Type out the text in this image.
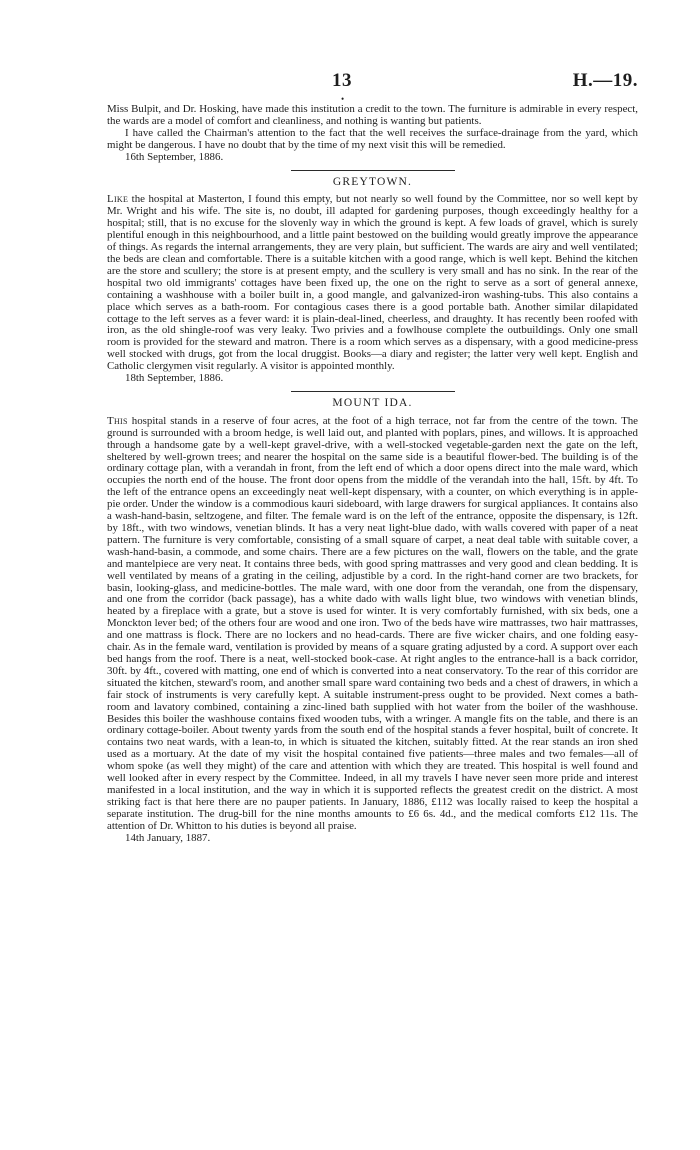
13	H.—19.
•

Miss Bulpit, and Dr. Hosking, have made this institution a credit to the town. The furniture is admirable in every respect, the wards are a model of comfort and cleanliness, and nothing is wanting but patients.

I have called the Chairman's attention to the fact that the well receives the surface-drainage from the yard, which might be dangerous. I have no doubt that by the time of my next visit this will be remedied.

16th September, 1886.

GREYTOWN.

Like the hospital at Masterton, I found this empty, but not nearly so well found by the Committee, nor so well kept by Mr. Wright and his wife. The site is, no doubt, ill adapted for gardening purposes, though exceedingly healthy for a hospital; still, that is no excuse for the slovenly way in which the ground is kept. A few loads of gravel, which is surely plentiful enough in this neighbourhood, and a little paint bestowed on the building would greatly improve the appearance of things. As regards the internal arrangements, they are very plain, but sufficient. The wards are airy and well ventilated; the beds are clean and comfortable. There is a suitable kitchen with a good range, which is well kept. Behind the kitchen are the store and scullery; the store is at present empty, and the scullery is very small and has no sink. In the rear of the hospital two old immigrants' cottages have been fixed up, the one on the right to serve as a sort of general annexe, containing a washhouse with a boiler built in, a good mangle, and galvanized-iron washing-tubs. This also contains a place which serves as a bath-room. For contagious cases there is a good portable bath. Another similar dilapidated cottage to the left serves as a fever ward: it is plain-deal-lined, cheerless, and draughty. It has recently been roofed with iron, as the old shingle-roof was very leaky. Two privies and a fowlhouse complete the outbuildings. Only one small room is provided for the steward and matron. There is a room which serves as a dispensary, with a good medicine-press well stocked with drugs, got from the local druggist. Books—a diary and register; the latter very well kept. English and Catholic clergymen visit regularly. A visitor is appointed monthly.

18th September, 1886.

MOUNT IDA.

This hospital stands in a reserve of four acres, at the foot of a high terrace, not far from the centre of the town. The ground is surrounded with a broom hedge, is well laid out, and planted with poplars, pines, and willows. It is approached through a handsome gate by a well-kept gravel-drive, with a well-stocked vegetable-garden next the gate on the left, sheltered by well-grown trees; and nearer the hospital on the same side is a beautiful flower-bed. The building is of the ordinary cottage plan, with a verandah in front, from the left end of which a door opens direct into the male ward, which occupies the north end of the house. The front door opens from the middle of the verandah into the hall, 15ft. by 4ft. To the left of the entrance opens an exceedingly neat well-kept dispensary, with a counter, on which everything is in apple-pie order. Under the window is a commodious kauri sideboard, with large drawers for surgical appliances. It contains also a wash-hand-basin, seltzogene, and filter. The female ward is on the left of the entrance, opposite the dispensary, is 12ft. by 18ft., with two windows, venetian blinds. It has a very neat light-blue dado, with walls covered with paper of a neat pattern. The furniture is very comfortable, consisting of a small square of carpet, a neat deal table with suitable cover, a wash-hand-basin, a commode, and some chairs. There are a few pictures on the wall, flowers on the table, and the grate and mantelpiece are very neat. It contains three beds, with good spring mattrasses and very good and clean bedding. It is well ventilated by means of a grating in the ceiling, adjustible by a cord. In the right-hand corner are two brackets, for basin, looking-glass, and medicine-bottles. The male ward, with one door from the verandah, one from the dispensary, and one from the corridor (back passage), has a white dado with walls light blue, two windows with venetian blinds, heated by a fireplace with a grate, but a stove is used for winter. It is very comfortably furnished, with six beds, one a Monckton lever bed; of the others four are wood and one iron. Two of the beds have wire mattrasses, two hair mattrasses, and one mattrass is flock. There are no lockers and no head-cards. There are five wicker chairs, and one folding easy-chair. As in the female ward, ventilation is provided by means of a square grating adjusted by a cord. A support over each bed hangs from the roof. There is a neat, well-stocked book-case. At right angles to the entrance-hall is a back corridor, 30ft. by 4ft., covered with matting, one end of which is converted into a neat conservatory. To the rear of this corridor are situated the kitchen, steward's room, and another small spare ward containing two beds and a chest of drawers, in which a fair stock of instruments is very carefully kept. A suitable instrument-press ought to be provided. Next comes a bath-room and lavatory combined, containing a zinc-lined bath supplied with hot water from the boiler of the washhouse. Besides this boiler the washhouse contains fixed wooden tubs, with a wringer. A mangle fits on the table, and there is an ordinary cottage-boiler. About twenty yards from the south end of the hospital stands a fever hospital, built of concrete. It contains two neat wards, with a lean-to, in which is situated the kitchen, suitably fitted. At the rear stands an iron shed used as a mortuary. At the date of my visit the hospital contained five patients—three males and two females—all of whom spoke (as well they might) of the care and attention with which they are treated. This hospital is well found and well looked after in every respect by the Committee. Indeed, in all my travels I have never seen more pride and interest manifested in a local institution, and the way in which it is supported reflects the greatest credit on the district. A most striking fact is that here there are no pauper patients. In January, 1886, £112 was locally raised to keep the hospital a separate institution. The drug-bill for the nine months amounts to £6 6s. 4d., and the medical comforts £12 11s. The attention of Dr. Whitton to his duties is beyond all praise.

14th January, 1887.
